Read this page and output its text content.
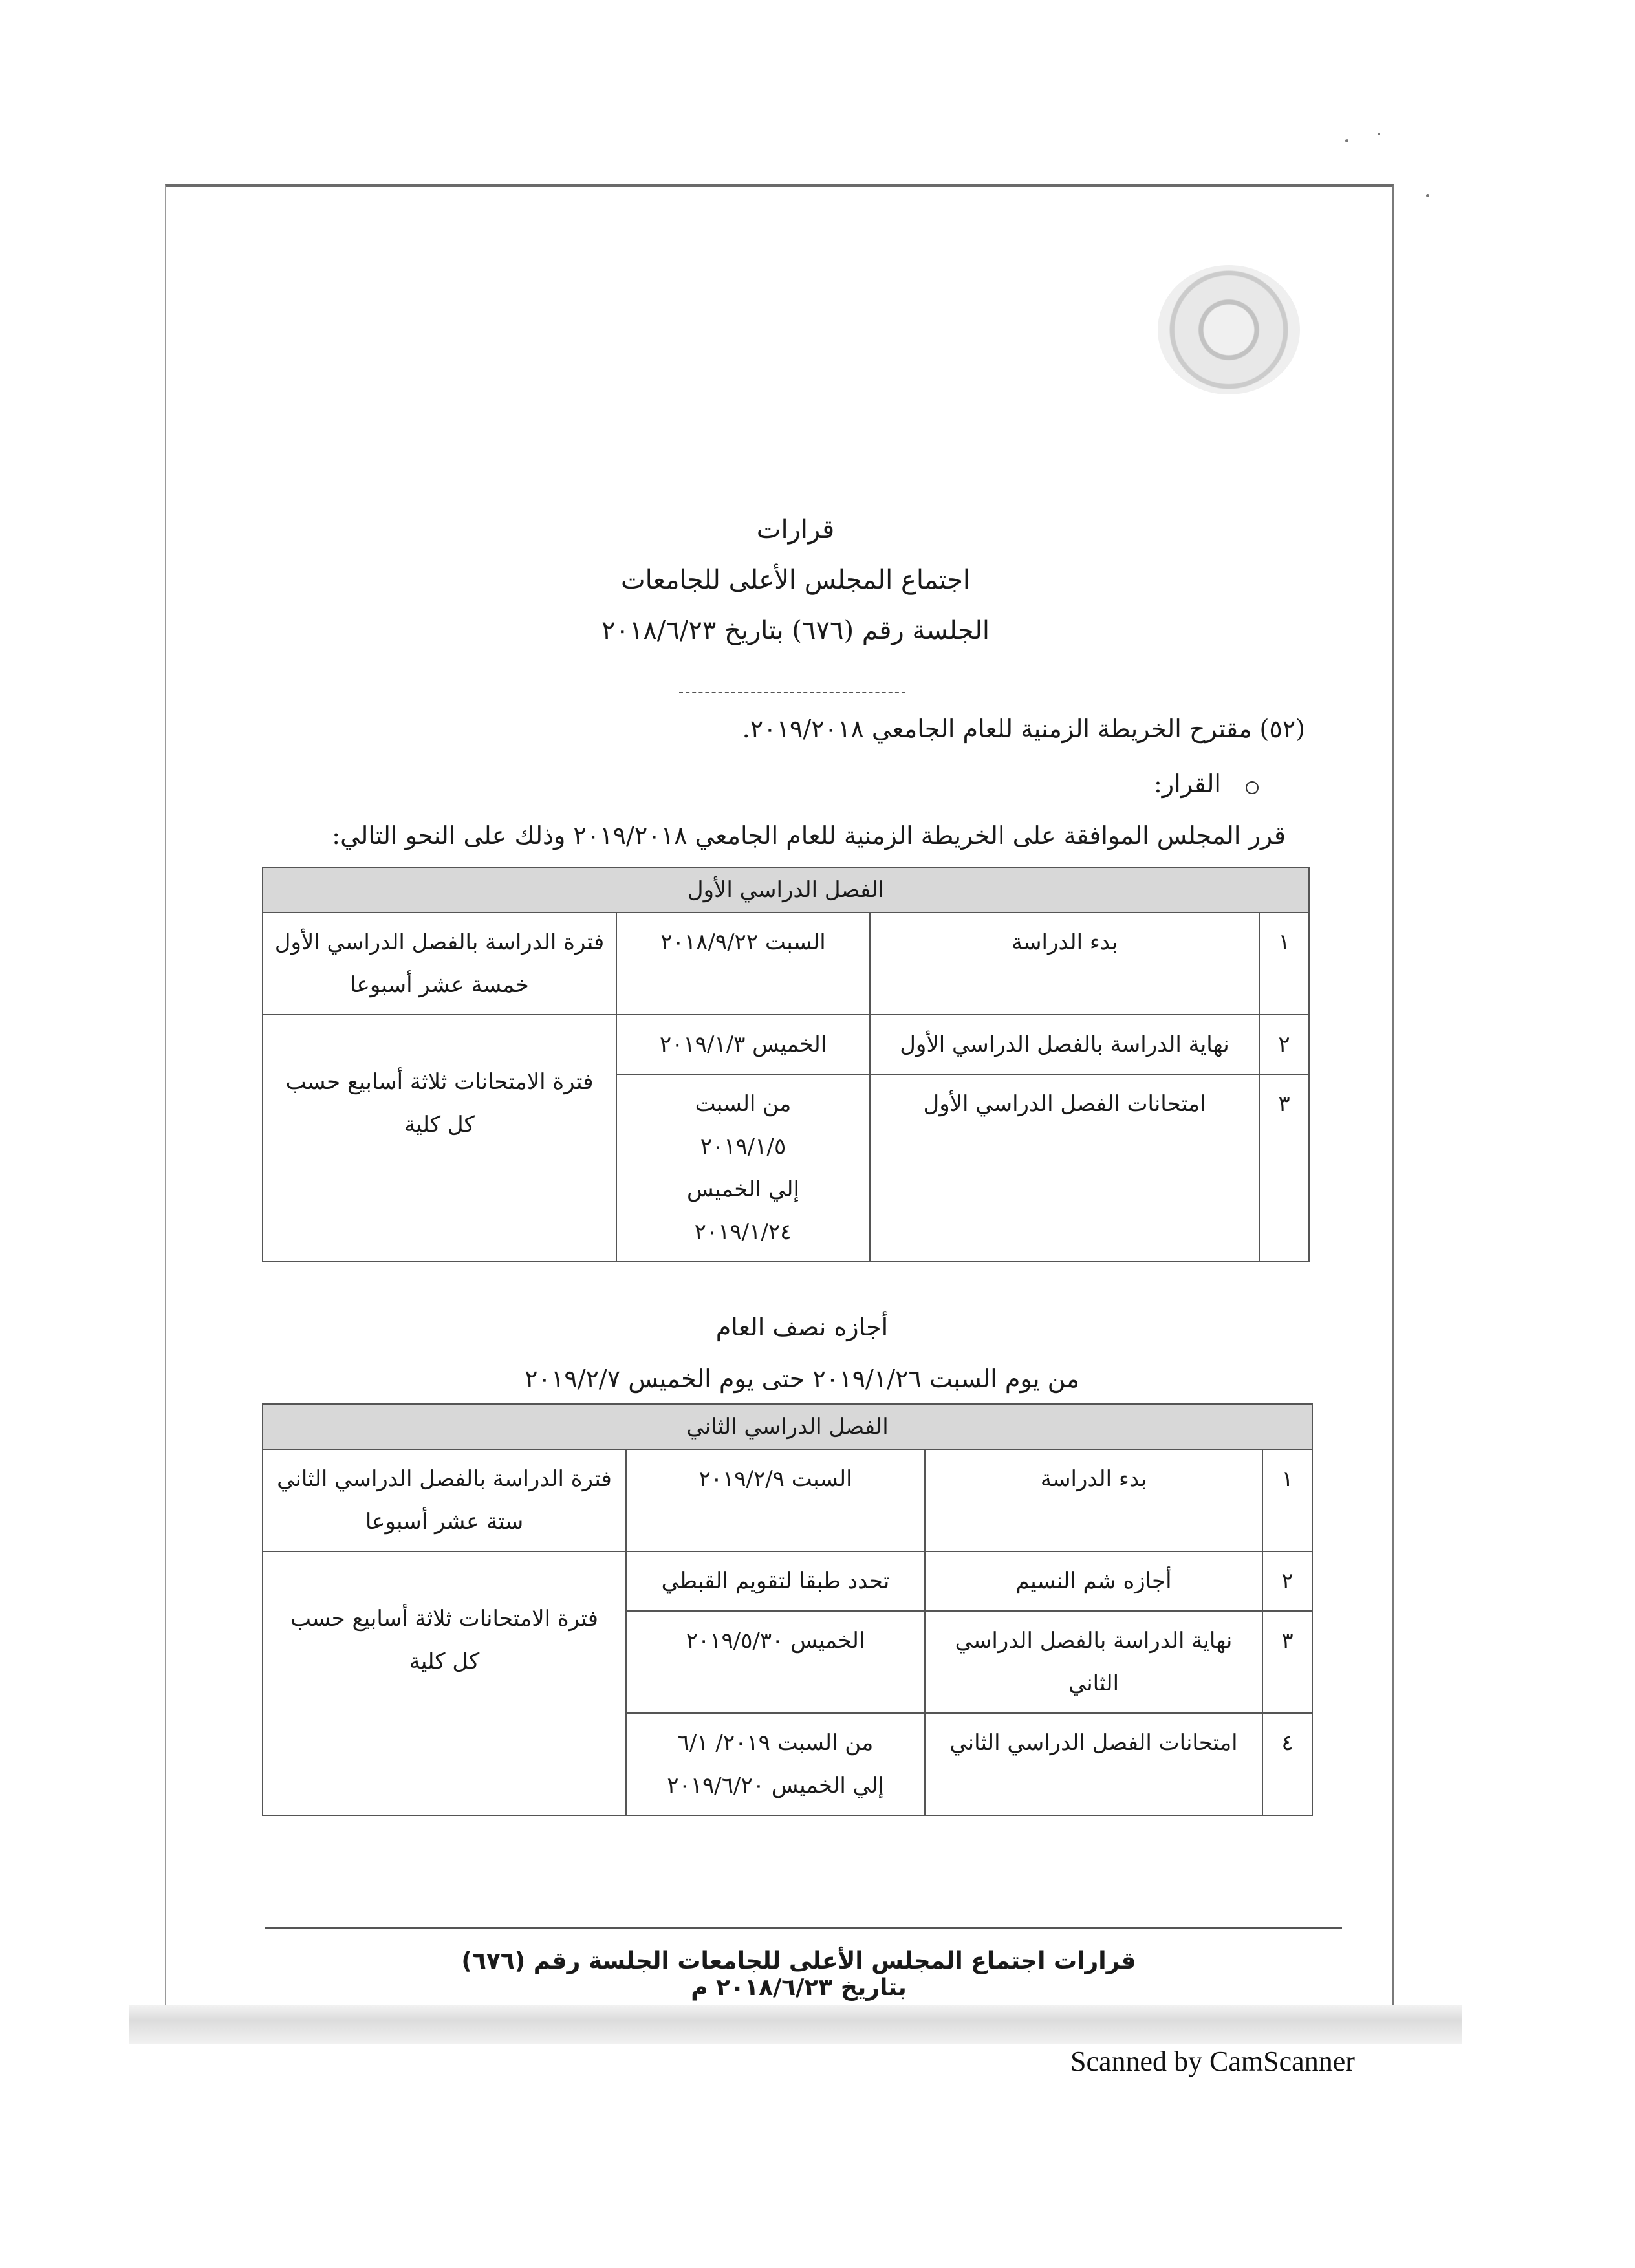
قرارات
اجتماع المجلس الأعلى للجامعات
الجلسة رقم (٦٧٦) بتاريخ ٢٠١٨/٦/٢٣
(٥٢) مقترح الخريطة الزمنية للعام الجامعي ٢٠١٩/٢٠١٨.
القرار:
قرر المجلس الموافقة على الخريطة الزمنية للعام الجامعي ٢٠١٩/٢٠١٨ وذلك على النحو التالي:
الفصل الدراسي الأول			
١	بدء الدراسة	السبت ٢٠١٨/٩/٢٢	فترة الدراسة بالفصل الدراسي الأول
خمسة عشر أسبوعا

٢	نهاية الدراسة بالفصل الدراسي الأول	الخميس ٢٠١٩/١/٣	فترة الامتحانات ثلاثة أسابيع حسب
كل كلية

٣	امتحانات الفصل الدراسي الأول	من السبت
٢٠١٩/١/٥
إلي الخميس
٢٠١٩/١/٢٤	
أجازه نصف العام
من يوم السبت ٢٠١٩/١/٢٦ حتى يوم الخميس ٢٠١٩/٢/٧
الفصل الدراسي الثاني			
١	بدء الدراسة	السبت ٢٠١٩/٢/٩	فترة الدراسة بالفصل الدراسي الثاني
ستة عشر أسبوعا

٢	أجازه شم النسيم	تحدد طبقا لتقويم القبطي	فترة الامتحانات ثلاثة أسابيع حسب
كل كلية

٣	نهاية الدراسة بالفصل الدراسي
الثاني	الخميس ٢٠١٩/٥/٣٠	
٤	امتحانات الفصل الدراسي الثاني	من السبت ٢٠١٩/ ٦/١
إلي الخميس ٢٠١٩/٦/٢٠	
قرارات اجتماع المجلس الأعلى للجامعات الجلسة رقم (٦٧٦) بتاريخ ٢٠١٨/٦/٢٣ م
Scanned by CamScanner
